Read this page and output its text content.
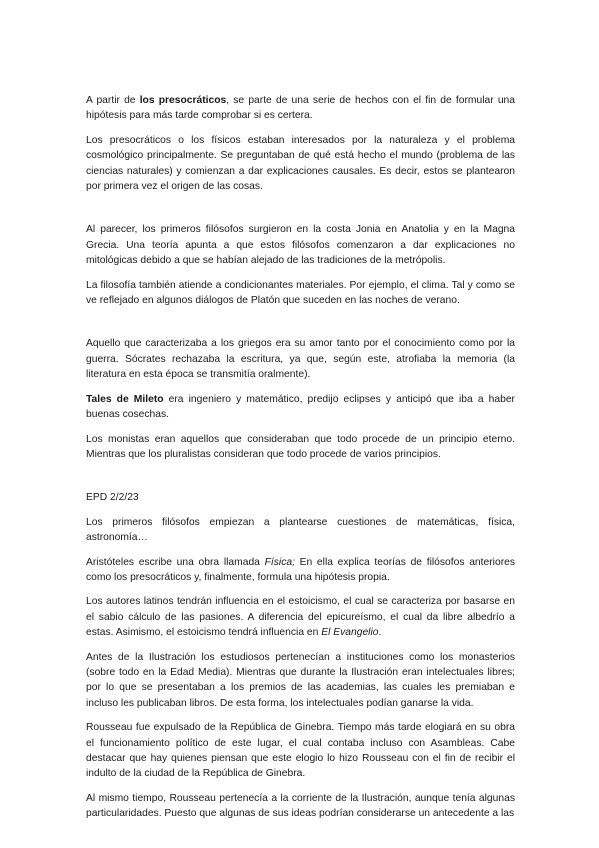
A partir de los presocráticos, se parte de una serie de hechos con el fin de formular una hipótesis para más tarde comprobar si es certera.

Los presocráticos o los físicos estaban interesados por la naturaleza y el problema cosmológico principalmente. Se preguntaban de qué está hecho el mundo (problema de las ciencias naturales) y comienzan a dar explicaciones causales. Es decir, estos se plantearon por primera vez el origen de las cosas.

Al parecer, los primeros filósofos surgieron en la costa Jonia en Anatolia y en la Magna Grecia. Una teoría apunta a que estos filósofos comenzaron a dar explicaciones no mitológicas debido a que se habían alejado de las tradiciones de la metrópolis.

La filosofía también atiende a condicionantes materiales. Por ejemplo, el clima. Tal y como se ve reflejado en algunos diálogos de Platón que suceden en las noches de verano.

Aquello que caracterizaba a los griegos era su amor tanto por el conocimiento como por la guerra. Sócrates rechazaba la escritura, ya que, según este, atrofiaba la memoria (la literatura en esta época se transmitía oralmente).

Tales de Mileto era ingeniero y matemático, predijo eclipses y anticipó que iba a haber buenas cosechas.

Los monistas eran aquellos que consideraban que todo procede de un principio eterno. Mientras que los pluralistas consideran que todo procede de varios principios.

EPD 2/2/23

Los primeros filósofos empiezan a plantearse cuestiones de matemáticas, física, astronomía…

Aristóteles escribe una obra llamada Física; En ella explica teorías de filósofos anteriores como los presocráticos y, finalmente, formula una hipótesis propia.

Los autores latinos tendrán influencia en el estoicismo, el cual se caracteriza por basarse en el sabio cálculo de las pasiones. A diferencia del epicureísmo, el cual da libre albedrío a estas. Asimismo, el estoicismo tendrá influencia en El Evangelio.

Antes de la Ilustración los estudiosos pertenecían a instituciones como los monasterios (sobre todo en la Edad Media). Mientras que durante la Ilustración eran intelectuales libres; por lo que se presentaban a los premios de las academias, las cuales les premiaban e incluso les publicaban libros. De esta forma, los intelectuales podían ganarse la vida.

Rousseau fue expulsado de la República de Ginebra. Tiempo más tarde elogiará en su obra el funcionamiento político de este lugar, el cual contaba incluso con Asambleas. Cabe destacar que hay quienes piensan que este elogio lo hizo Rousseau con el fin de recibir el indulto de la ciudad de la República de Ginebra.

Al mismo tiempo, Rousseau pertenecía a la corriente de la Ilustración, aunque tenía algunas particularidades. Puesto que algunas de sus ideas podrían considerarse un antecedente a las
